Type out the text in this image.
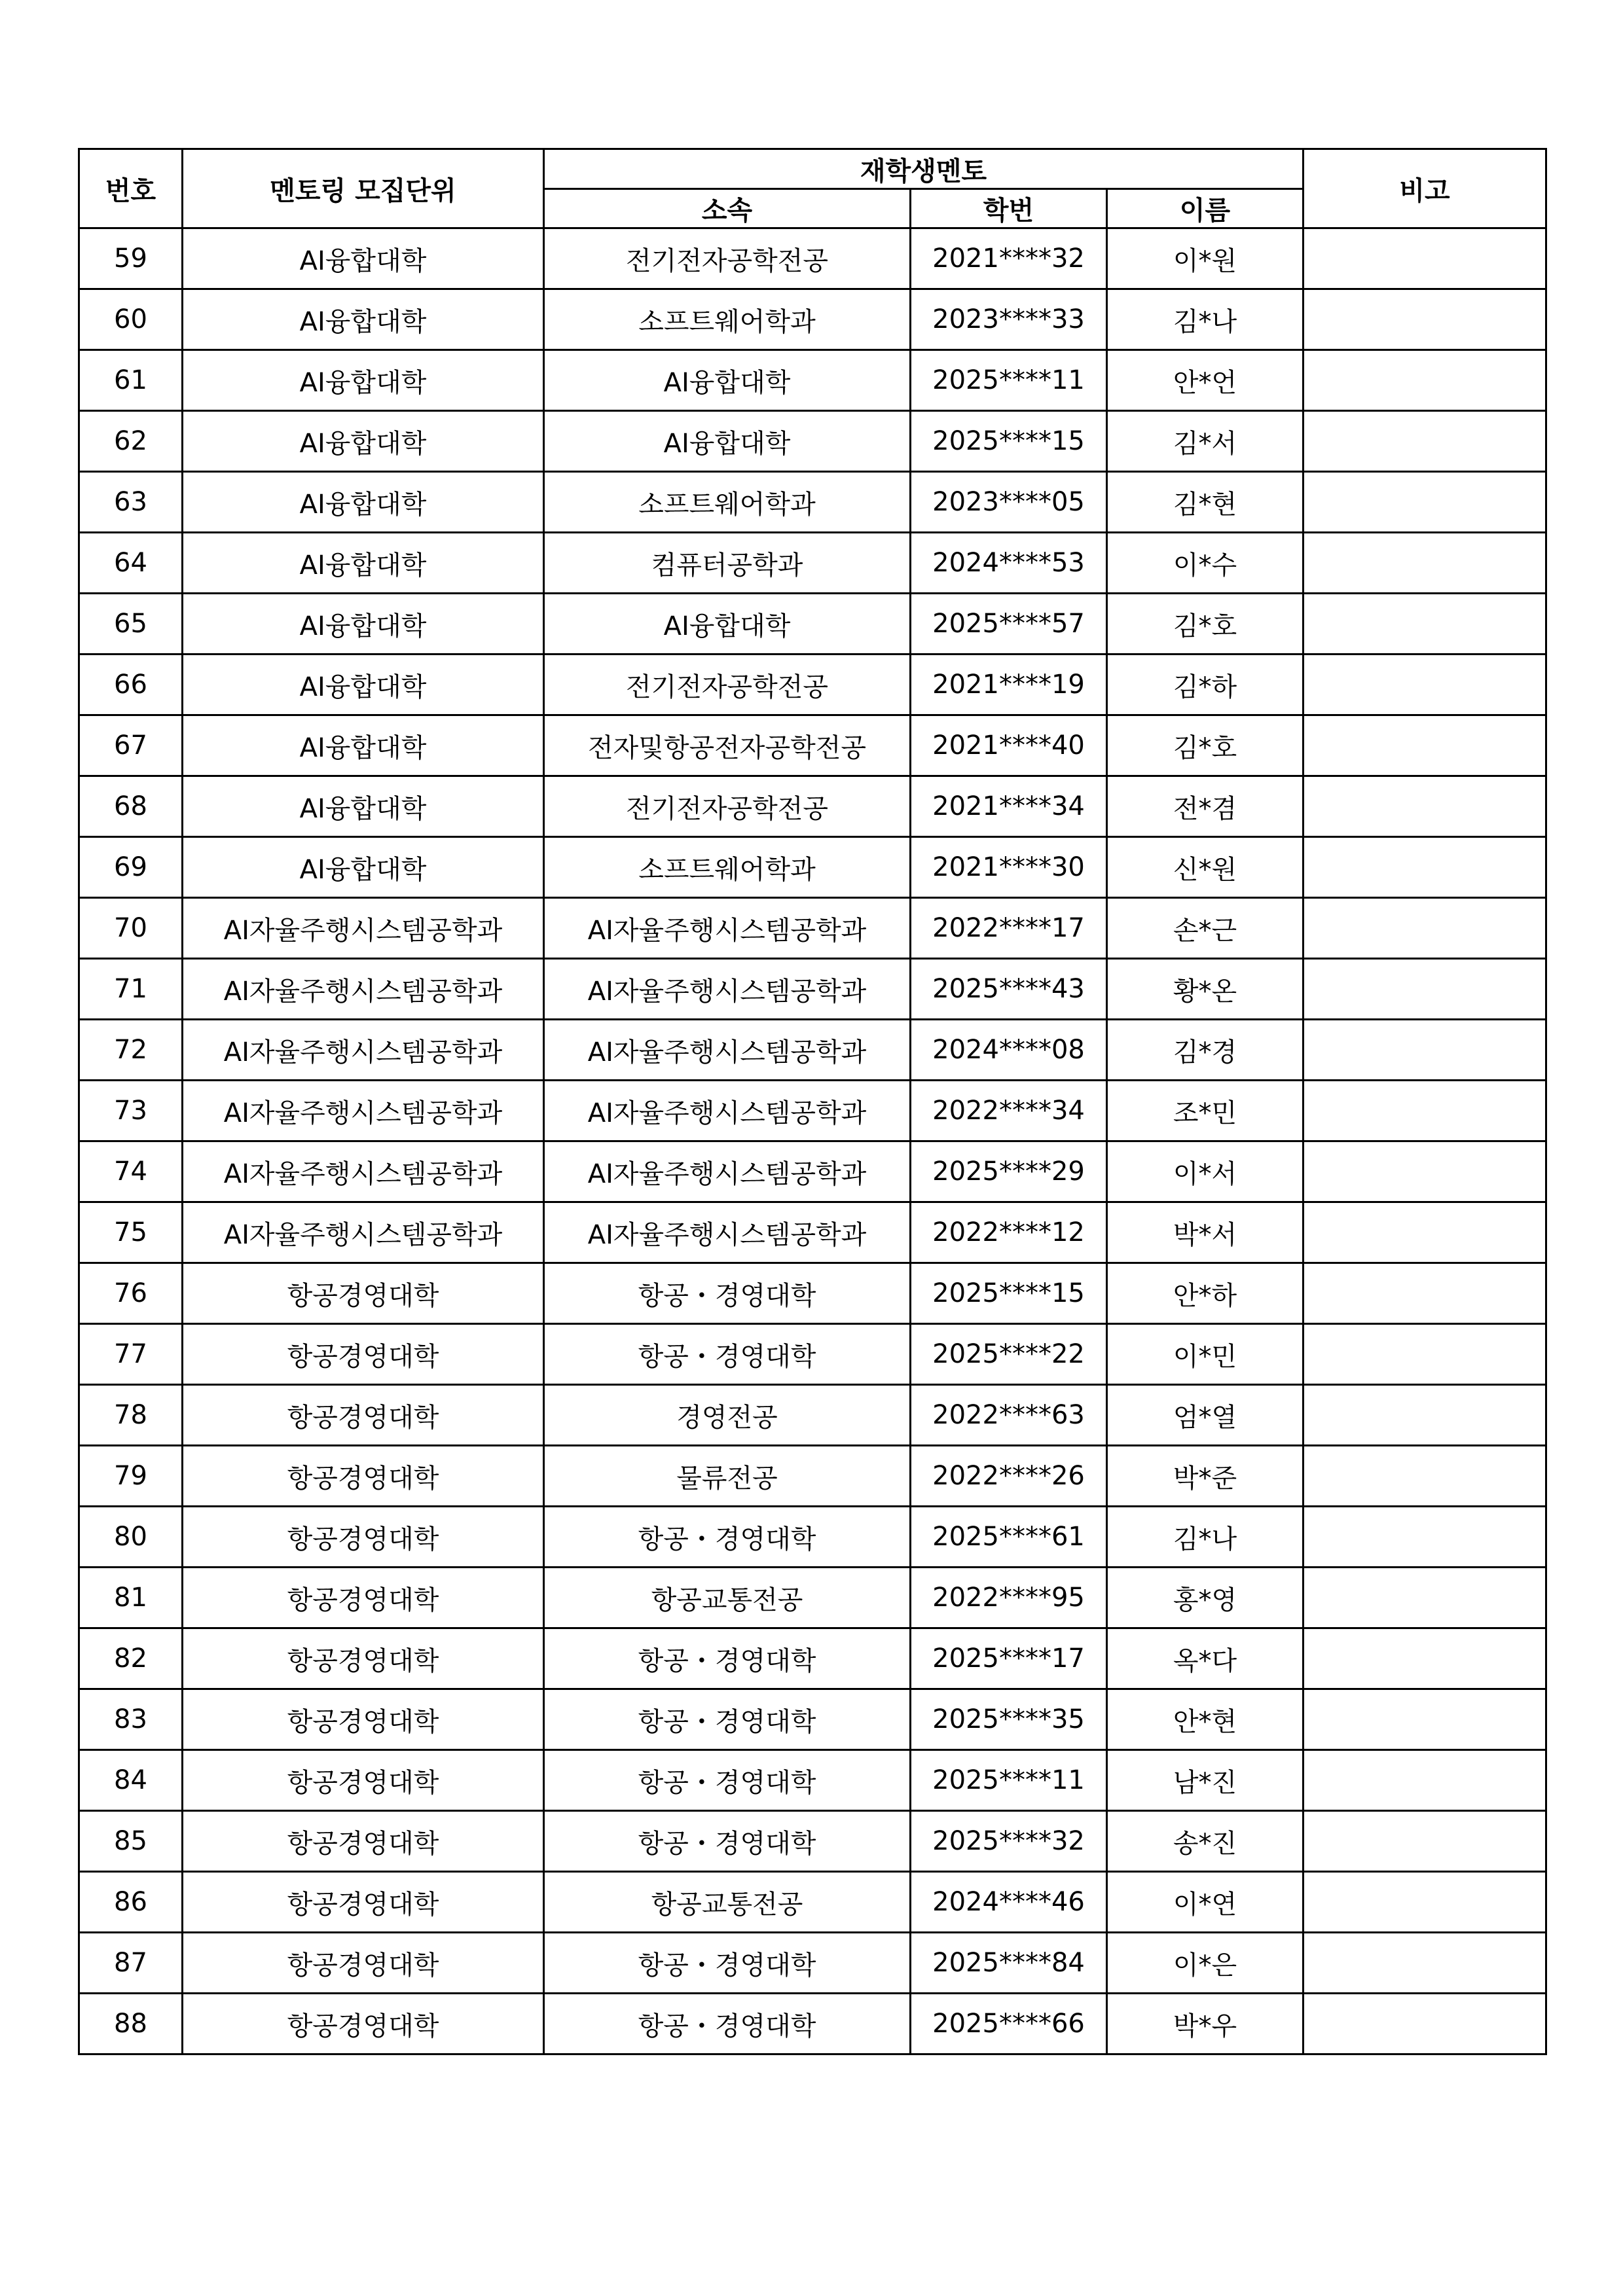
번호	멘토링 모집단위	재학생멘토			비고
		소속	학번	이름	
59	AI융합대학	전기전자공학전공	2021****32	이*원	
60	AI융합대학	소프트웨어학과	2023****33	김*나	
61	AI융합대학	AI융합대학	2025****11	안*언	
62	AI융합대학	AI융합대학	2025****15	김*서	
63	AI융합대학	소프트웨어학과	2023****05	김*현	
64	AI융합대학	컴퓨터공학과	2024****53	이*수	
65	AI융합대학	AI융합대학	2025****57	김*호	
66	AI융합대학	전기전자공학전공	2021****19	김*하	
67	AI융합대학	전자및항공전자공학전공	2021****40	김*호	
68	AI융합대학	전기전자공학전공	2021****34	전*겸	
69	AI융합대학	소프트웨어학과	2021****30	신*원	
70	AI자율주행시스템공학과	AI자율주행시스템공학과	2022****17	손*근	
71	AI자율주행시스템공학과	AI자율주행시스템공학과	2025****43	황*온	
72	AI자율주행시스템공학과	AI자율주행시스템공학과	2024****08	김*경	
73	AI자율주행시스템공학과	AI자율주행시스템공학과	2022****34	조*민	
74	AI자율주행시스템공학과	AI자율주행시스템공학과	2025****29	이*서	
75	AI자율주행시스템공학과	AI자율주행시스템공학과	2022****12	박*서	
76	항공경영대학	항공・경영대학	2025****15	안*하	
77	항공경영대학	항공・경영대학	2025****22	이*민	
78	항공경영대학	경영전공	2022****63	엄*열	
79	항공경영대학	물류전공	2022****26	박*준	
80	항공경영대학	항공・경영대학	2025****61	김*나	
81	항공경영대학	항공교통전공	2022****95	홍*영	
82	항공경영대학	항공・경영대학	2025****17	옥*다	
83	항공경영대학	항공・경영대학	2025****35	안*현	
84	항공경영대학	항공・경영대학	2025****11	남*진	
85	항공경영대학	항공・경영대학	2025****32	송*진	
86	항공경영대학	항공교통전공	2024****46	이*연	
87	항공경영대학	항공・경영대학	2025****84	이*은	
88	항공경영대학	항공・경영대학	2025****66	박*우	
